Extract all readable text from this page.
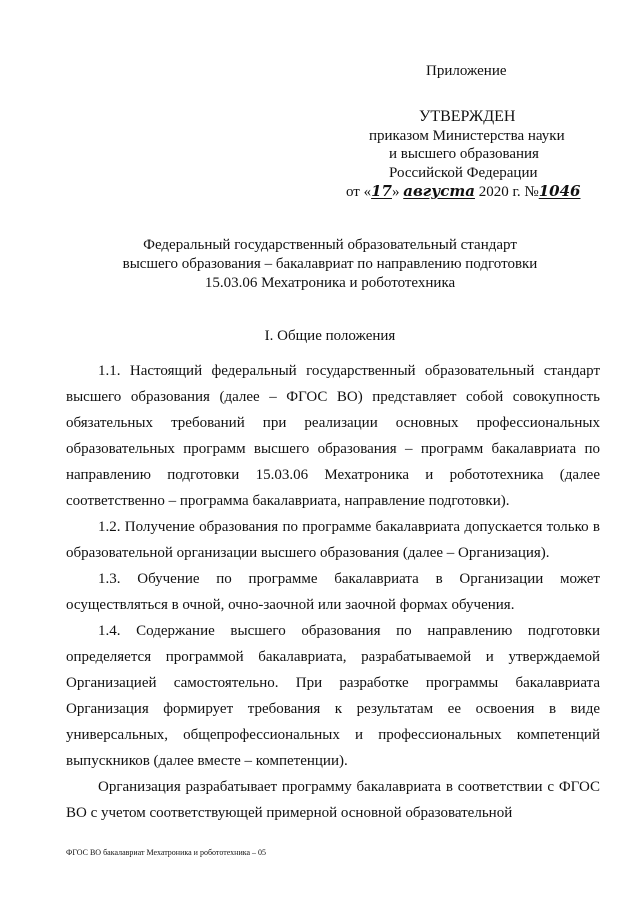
Приложение
УТВЕРЖДЕН
приказом Министерства науки
и высшего образования
Российской Федерации
от «17» августа 2020 г. №1046
Федеральный государственный образовательный стандарт
высшего образования – бакалавриат по направлению подготовки
15.03.06 Мехатроника и робототехника
I. Общие положения

1.1. Настоящий федеральный государственный образовательный стандарт высшего образования (далее – ФГОС ВО) представляет собой совокупность обязательных требований при реализации основных профессиональных образовательных программ высшего образования – программ бакалавриата по направлению подготовки 15.03.06 Мехатроника и робототехника (далее соответственно – программа бакалавриата, направление подготовки).

1.2. Получение образования по программе бакалавриата допускается только в образовательной организации высшего образования (далее – Организация).

1.3. Обучение по программе бакалавриата в Организации может осуществляться в очной, очно-заочной или заочной формах обучения.

1.4. Содержание высшего образования по направлению подготовки определяется программой бакалавриата, разрабатываемой и утверждаемой Организацией самостоятельно. При разработке программы бакалавриата Организация формирует требования к результатам ее освоения в виде универсальных, общепрофессиональных и профессиональных компетенций выпускников (далее вместе – компетенции).

Организация разрабатывает программу бакалавриата в соответствии с ФГОС ВО с учетом соответствующей примерной основной образовательной

ФГОС ВО бакалавриат Мехатроника и робототехника – 05
